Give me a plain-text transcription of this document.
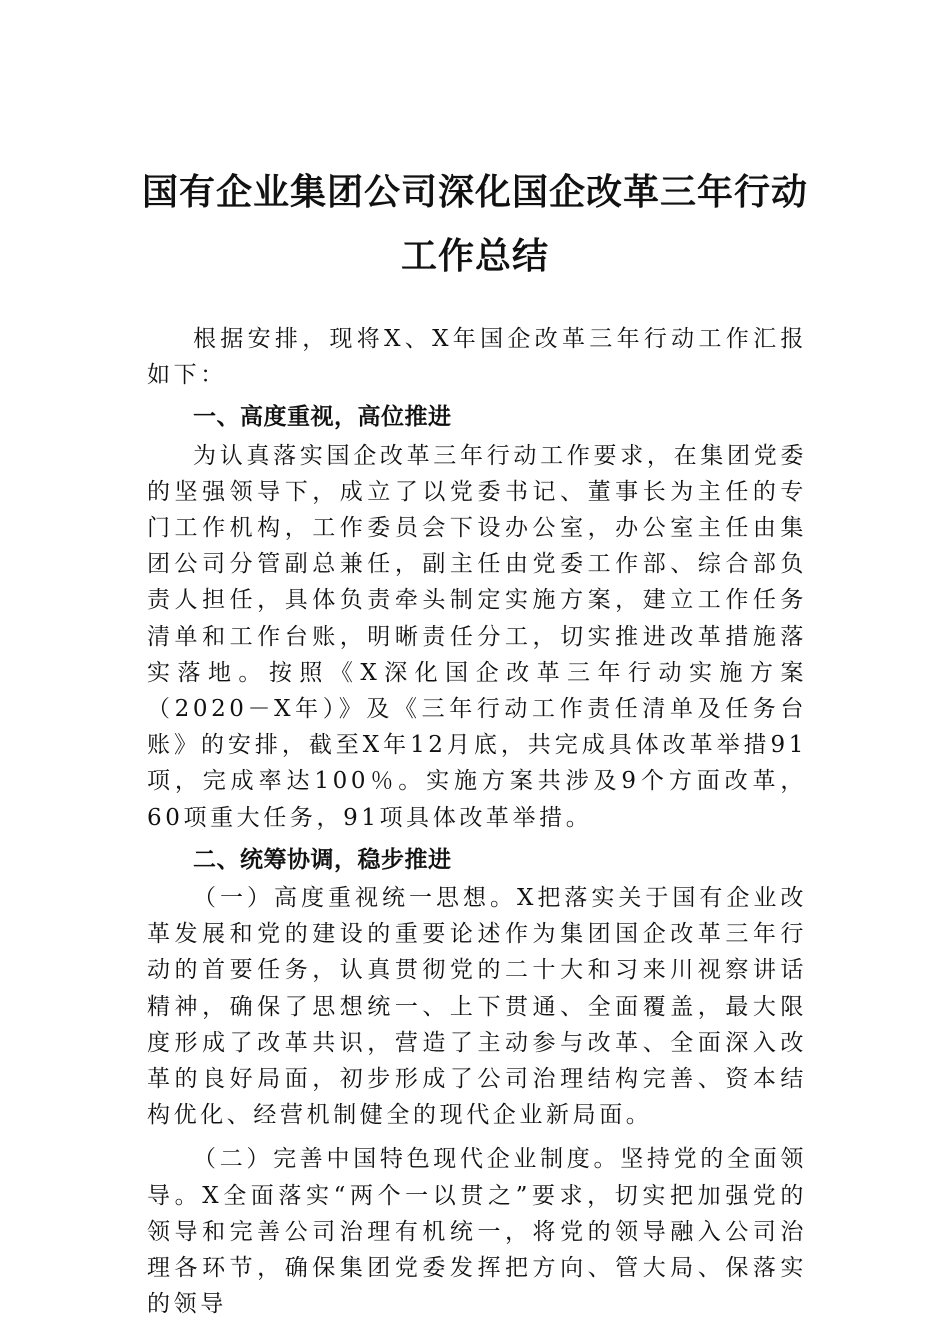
国有企业集团公司深化国企改革三年行动
工作总结

根据安排，现将X、X年国企改革三年行动工作汇报如下：

一、高度重视，高位推进

为认真落实国企改革三年行动工作要求，在集团党委的坚强领导下，成立了以党委书记、董事长为主任的专门工作机构，工作委员会下设办公室，办公室主任由集团公司分管副总兼任，副主任由党委工作部、综合部负责人担任，具体负责牵头制定实施方案，建立工作任务清单和工作台账，明晰责任分工，切实推进改革措施落实落地。按照《X深化国企改革三年行动实施方案（2020－X年）》及《三年行动工作责任清单及任务台账》的安排，截至X年12月底，共完成具体改革举措91项，完成率达100％。实施方案共涉及9个方面改革，60项重大任务，91项具体改革举措。

二、统筹协调，稳步推进

（一）高度重视统一思想。X把落实关于国有企业改革发展和党的建设的重要论述作为集团国企改革三年行动的首要任务，认真贯彻党的二十大和习来川视察讲话精神，确保了思想统一、上下贯通、全面覆盖，最大限度形成了改革共识，营造了主动参与改革、全面深入改革的良好局面，初步形成了公司治理结构完善、资本结构优化、经营机制健全的现代企业新局面。

（二）完善中国特色现代企业制度。坚持党的全面领导。X全面落实“两个一以贯之”要求，切实把加强党的领导和完善公司治理有机统一，将党的领导融入公司治理各环节，确保集团党委发挥把方向、管大局、保落实的领导
